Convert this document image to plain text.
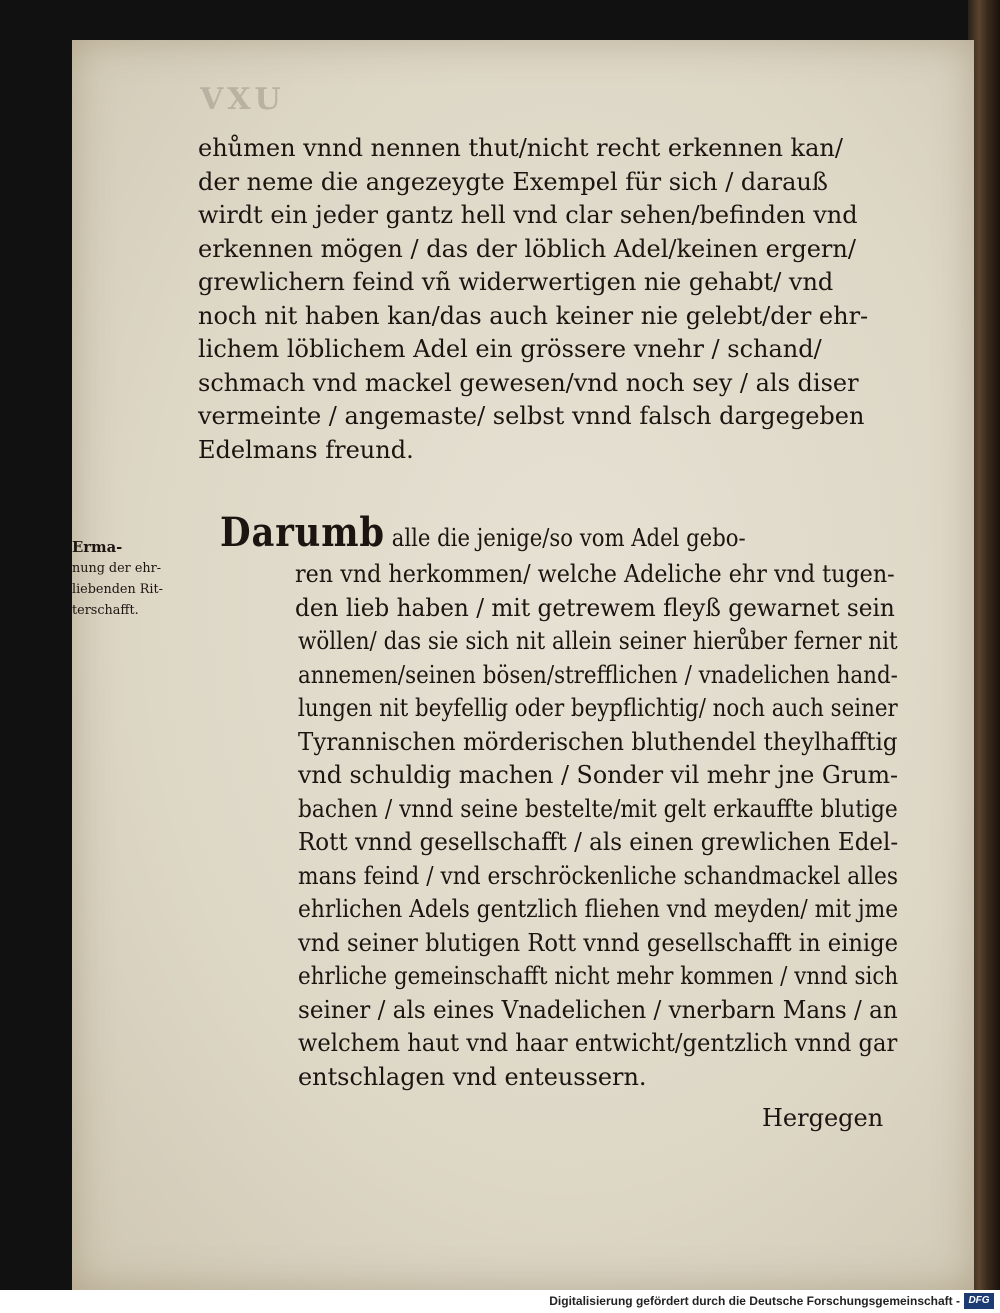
VXU
ehůmen vnnd nennen thut/nicht recht erkennen kan/
der neme die angezeygte Exempel für sich / darauß
wirdt ein jeder gantz hell vnd clar sehen/befinden vnd
erkennen mögen / das der löblich Adel/keinen ergern/
grewlichern feind vñ widerwertigen nie gehabt/ vnd
noch nit haben kan/das auch keiner nie gelebt/der ehr-
lichem löblichem Adel ein grössere vnehr / schand/
schmach vnd mackel gewesen/vnd noch sey / als diser
vermeinte / angemaste/ selbst vnnd falsch dargegeben
Edelmans freund.
Erma-
nung der ehr-
liebenden Rit-
terschafft.
Darumb alle die jenige/so vom Adel gebo-
ren vnd herkommen/ welche Adeliche ehr vnd tugen-
den lieb haben / mit getrewem fleyß gewarnet sein
wöllen/ das sie sich nit allein seiner hierůber ferner nit
annemen/seinen bösen/strefflichen / vnadelichen hand-
lungen nit beyfellig oder beypflichtig/ noch auch seiner
Tyrannischen mörderischen bluthendel theylhafftig
vnd schuldig machen / Sonder vil mehr jne Grum-
bachen / vnnd seine bestelte/mit gelt erkauffte blutige
Rott vnnd gesellschafft / als einen grewlichen Edel-
mans feind / vnd erschröckenliche schandmackel alles
ehrlichen Adels gentzlich fliehen vnd meyden/ mit jme
vnd seiner blutigen Rott vnnd gesellschafft in einige
ehrliche gemeinschafft nicht mehr kommen / vnnd sich
seiner / als eines Vnadelichen / vnerbarn Mans / an
welchem haut vnd haar entwicht/gentzlich vnnd gar
entschlagen vnd enteussern.
Hergegen
Digitalisierung gefördert durch die Deutsche Forschungsgemeinschaft - DFG
